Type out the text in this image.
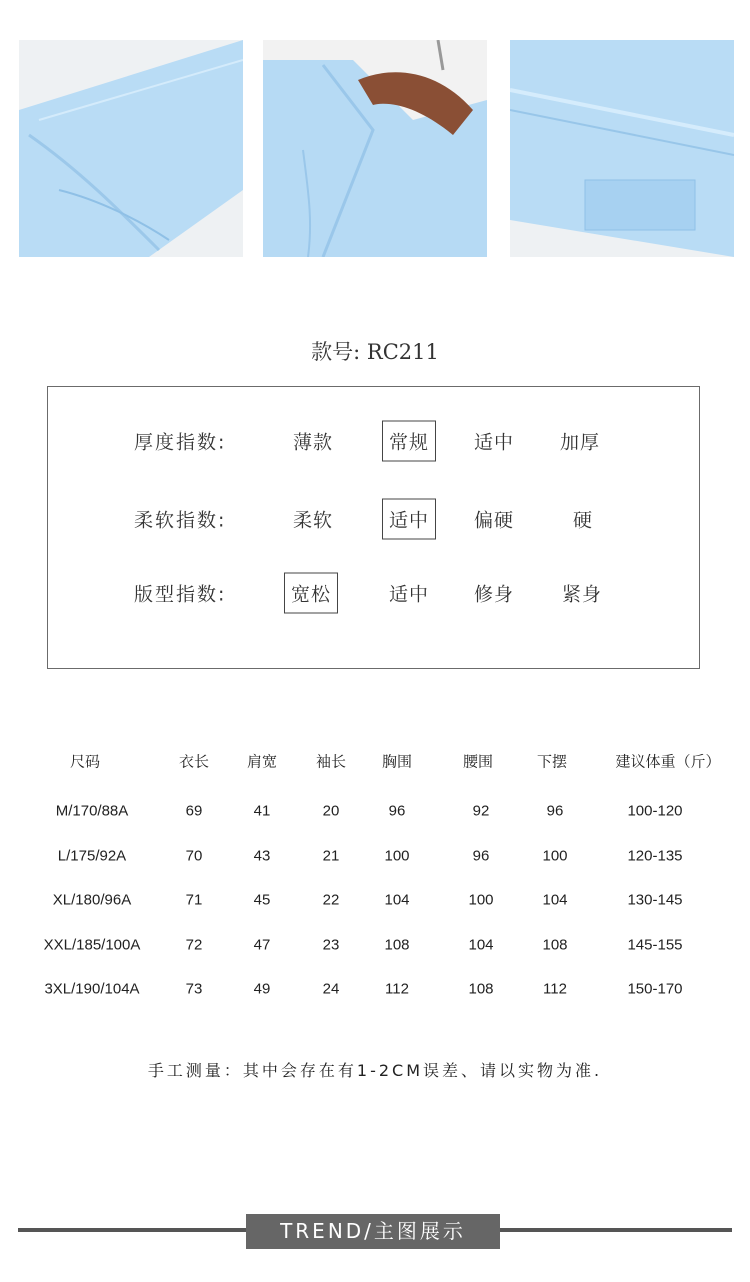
款号: RC211
厚度指数:	薄款	常规	适中 加厚
柔软指数:	柔软	适中	偏硬	硬
版型指数:	宽松	适中 修身	紧身
尺码	衣长	肩宽	袖长 胸围	腰围	下摆	建议体重（斤）
M/170/88A	69	41	20	96	92	96	100-120
L/175/92A	70	43	21	100	96	100	120-135
XL/180/96A	71	45	22	104	100	104	130-145
XXL/185/100A	72	47	23	108	104	108	145-155
3XL/190/104A	73	49	24	112	108	112	150-170
手工测量：其中会存在有1-2CM误差、请以实物为准.
TREND/主图展示
